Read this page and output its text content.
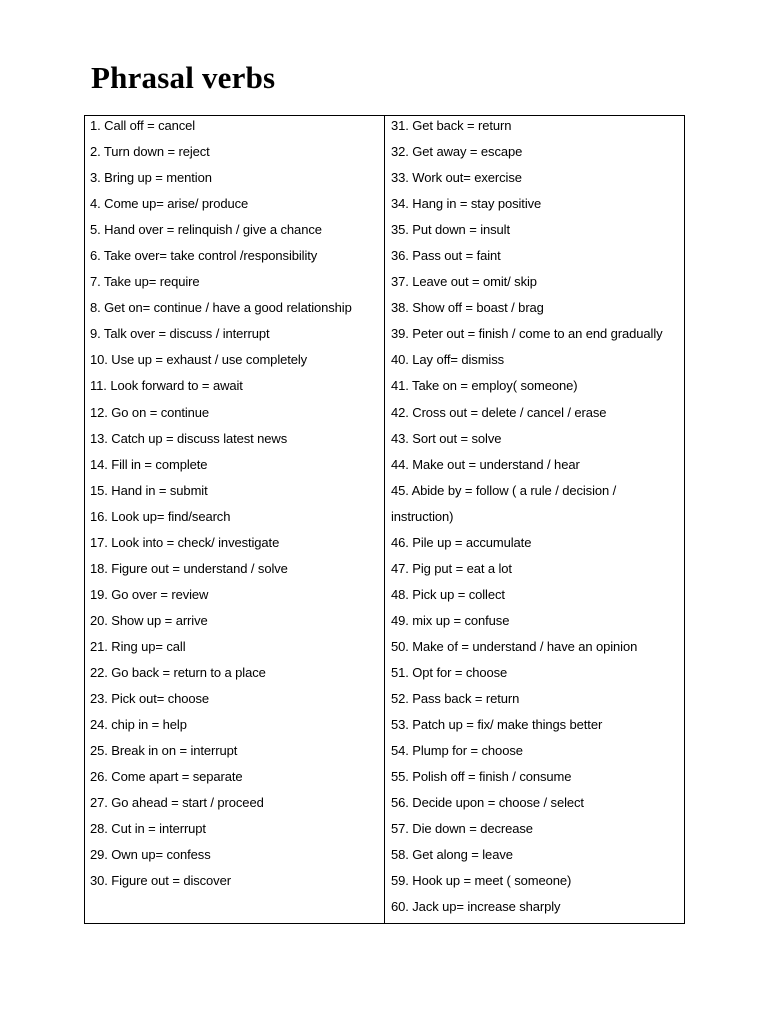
Phrasal verbs
1. Call off = cancel
2. Turn down = reject
3. Bring up = mention
4. Come up= arise/ produce
5. Hand over = relinquish / give a chance
6. Take over= take control /responsibility
7. Take up= require
8. Get on= continue / have a good relationship
9. Talk over = discuss / interrupt
10. Use up = exhaust / use completely
11. Look forward to = await
12. Go on = continue
13. Catch up = discuss latest news
14. Fill in = complete
15. Hand in = submit
16. Look up= find/search
17. Look into = check/ investigate
18. Figure out = understand / solve
19. Go over = review
20. Show up = arrive
21. Ring up= call
22. Go back = return to a place
23. Pick out= choose
24. chip in = help
25. Break in on = interrupt
26. Come apart = separate
27. Go ahead = start / proceed
28. Cut in = interrupt
29. Own up= confess
30. Figure out = discover
31. Get back = return
32. Get away = escape
33. Work out= exercise
34. Hang in = stay positive
35. Put down = insult
36. Pass out = faint
37. Leave out = omit/ skip
38. Show off = boast / brag
39. Peter out = finish / come to an end gradually
40. Lay off= dismiss
41. Take on = employ( someone)
42. Cross out = delete / cancel / erase
43. Sort out = solve
44. Make out = understand / hear
45. Abide by = follow ( a rule / decision /
instruction)
46. Pile up = accumulate
47. Pig put = eat a lot
48. Pick up = collect
49. mix up = confuse
50. Make of = understand / have an opinion
51. Opt for = choose
52. Pass back = return
53. Patch up = fix/ make things better
54. Plump for = choose
55. Polish off = finish / consume
56. Decide upon = choose / select
57. Die down = decrease
58. Get along = leave
59. Hook up = meet ( someone)
60. Jack up= increase sharply
